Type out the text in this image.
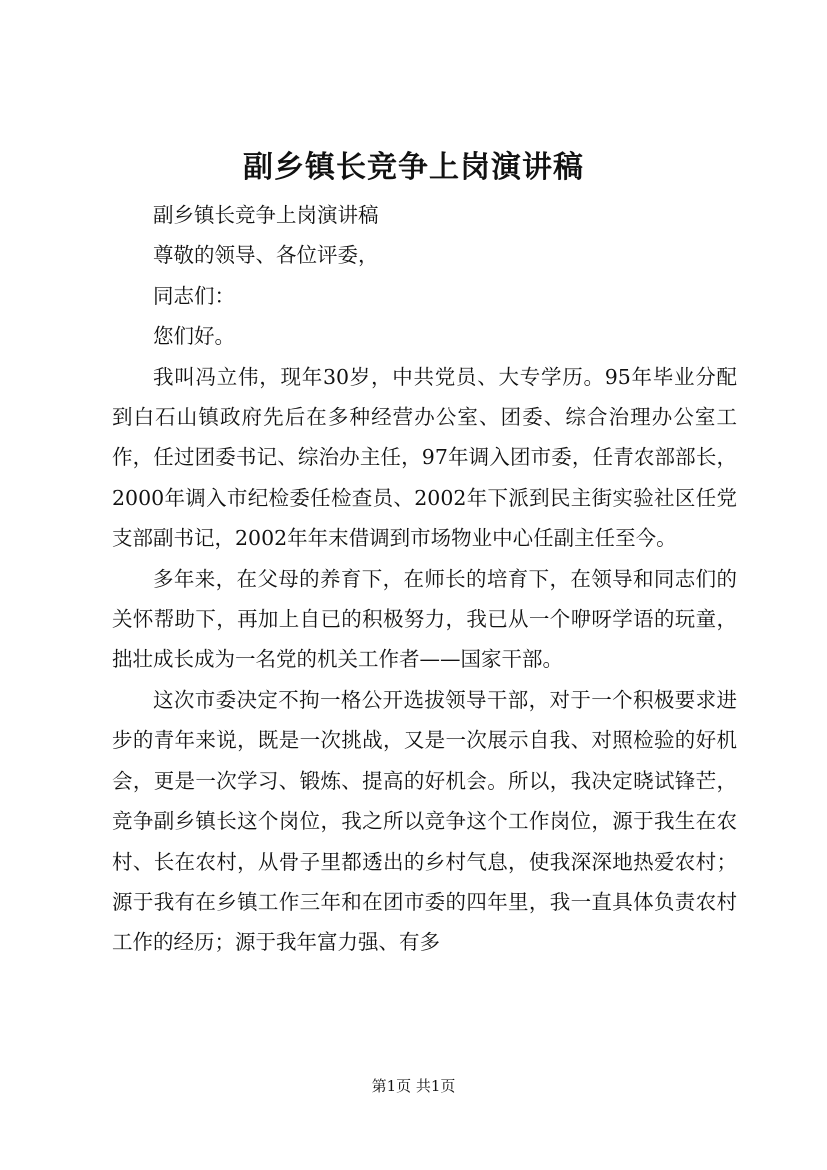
副乡镇长竞争上岗演讲稿

副乡镇长竞争上岗演讲稿

尊敬的领导、各位评委，

同志们：

您们好。

我叫冯立伟，现年30岁，中共党员、大专学历。95年毕业分配到白石山镇政府先后在多种经营办公室、团委、综合治理办公室工作，任过团委书记、综治办主任，97年调入团市委，任青农部部长，2000年调入市纪检委任检查员、2002年下派到民主街实验社区任党支部副书记，2002年年末借调到市场物业中心任副主任至今。

多年来，在父母的养育下，在师长的培育下，在领导和同志们的关怀帮助下，再加上自已的积极努力，我已从一个咿呀学语的玩童，拙壮成长成为一名党的机关工作者——国家干部。

这次市委决定不拘一格公开选拔领导干部，对于一个积极要求进步的青年来说，既是一次挑战，又是一次展示自我、对照检验的好机会，更是一次学习、锻炼、提高的好机会。所以，我决定晓试锋芒，竞争副乡镇长这个岗位，我之所以竞争这个工作岗位，源于我生在农村、长在农村，从骨子里都透出的乡村气息，使我深深地热爱农村；源于我有在乡镇工作三年和在团市委的四年里，我一直具体负责农村工作的经历；源于我年富力强、有多

第1页 共1页
